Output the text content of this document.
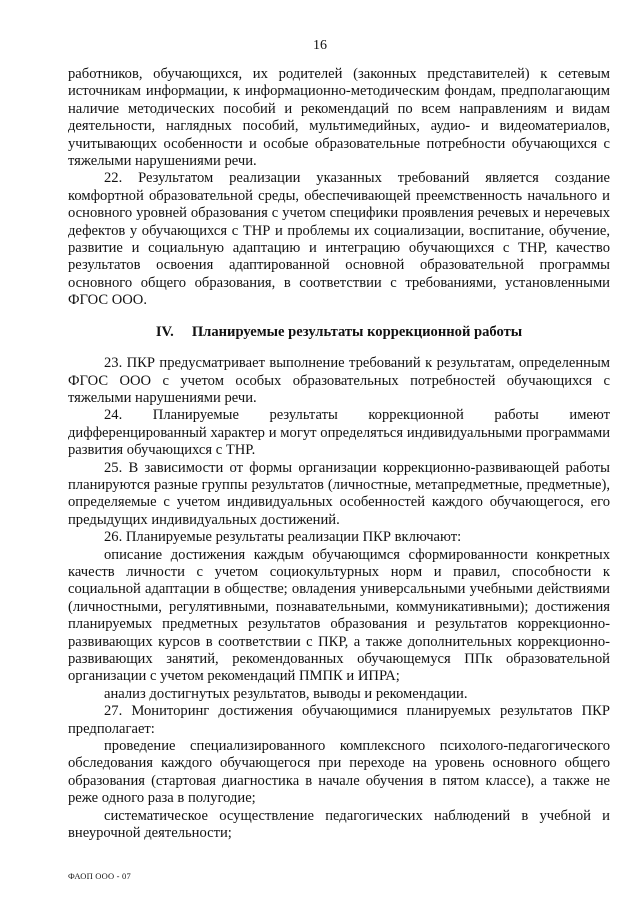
16

работников, обучающихся, их родителей (законных представителей) к сетевым источникам информации, к информационно-методическим фондам, предполагающим наличие методических пособий и рекомендаций по всем направлениям и видам деятельности, наглядных пособий, мультимедийных, аудио- и видеоматериалов, учитывающих особенности и особые образовательные потребности обучающихся с тяжелыми нарушениями речи.

22. Результатом реализации указанных требований является создание комфортной образовательной среды, обеспечивающей преемственность начального и основного уровней образования с учетом специфики проявления речевых и неречевых дефектов у обучающихся с ТНР и проблемы их социализации, воспитание, обучение, развитие и социальную адаптацию и интеграцию обучающихся с ТНР, качество результатов освоения адаптированной основной образовательной программы основного общего образования, в соответствии с требованиями, установленными ФГОС ООО.

IV. Планируемые результаты коррекционной работы

23. ПКР предусматривает выполнение требований к результатам, определенным ФГОС ООО с учетом особых образовательных потребностей обучающихся с тяжелыми нарушениями речи.

24. Планируемые результаты коррекционной работы имеют дифференцированный характер и могут определяться индивидуальными программами развития обучающихся с ТНР.

25. В зависимости от формы организации коррекционно-развивающей работы планируются разные группы результатов (личностные, метапредметные, предметные), определяемые с учетом индивидуальных особенностей каждого обучающегося, его предыдущих индивидуальных достижений.

26. Планируемые результаты реализации ПКР включают:

описание достижения каждым обучающимся сформированности конкретных качеств личности с учетом социокультурных норм и правил, способности к социальной адаптации в обществе; овладения универсальными учебными действиями (личностными, регулятивными, познавательными, коммуникативными); достижения планируемых предметных результатов образования и результатов коррекционно-развивающих курсов в соответствии с ПКР, а также дополнительных коррекционно-развивающих занятий, рекомендованных обучающемуся ППк образовательной организации с учетом рекомендаций ПМПК и ИПРА;

анализ достигнутых результатов, выводы и рекомендации.

27. Мониторинг достижения обучающимися планируемых результатов ПКР предполагает:

проведение специализированного комплексного психолого-педагогического обследования каждого обучающегося при переходе на уровень основного общего образования (стартовая диагностика в начале обучения в пятом классе), а также не реже одного раза в полугодие;

систематическое осуществление педагогических наблюдений в учебной и внеурочной деятельности;

ФАОП ООО - 07
